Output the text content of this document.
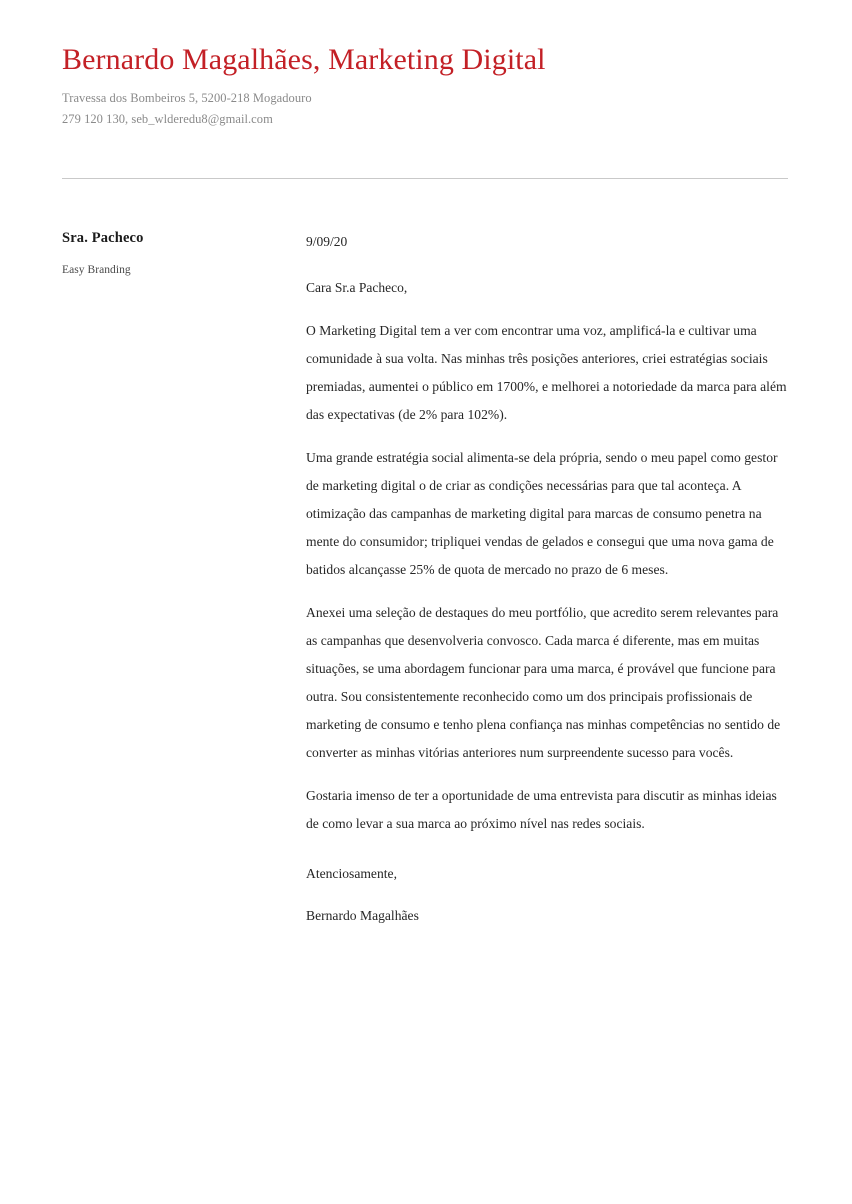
Bernardo Magalhães, Marketing Digital

Travessa dos Bombeiros 5, 5200-218 Mogadouro

279 120 130, seb_wlderedu8@gmail.com

Sra. Pacheco

Easy Branding

9/09/20

Cara Sr.a Pacheco,

O Marketing Digital tem a ver com encontrar uma voz, amplificá-la e cultivar uma comunidade à sua volta. Nas minhas três posições anteriores, criei estratégias sociais premiadas, aumentei o público em 1700%, e melhorei a notoriedade da marca para além das expectativas (de 2% para 102%).

Uma grande estratégia social alimenta-se dela própria, sendo o meu papel como gestor de marketing digital o de criar as condições necessárias para que tal aconteça. A otimização das campanhas de marketing digital para marcas de consumo penetra na mente do consumidor; tripliquei vendas de gelados e consegui que uma nova gama de batidos alcançasse 25% de quota de mercado no prazo de 6 meses.

Anexei uma seleção de destaques do meu portfólio, que acredito serem relevantes para as campanhas que desenvolveria convosco. Cada marca é diferente, mas em muitas situações, se uma abordagem funcionar para uma marca, é provável que funcione para outra. Sou consistentemente reconhecido como um dos principais profissionais de marketing de consumo e tenho plena confiança nas minhas competências no sentido de converter as minhas vitórias anteriores num surpreendente sucesso para vocês.

Gostaria imenso de ter a oportunidade de uma entrevista para discutir as minhas ideias de como levar a sua marca ao próximo nível nas redes sociais.

Atenciosamente,

Bernardo Magalhães
